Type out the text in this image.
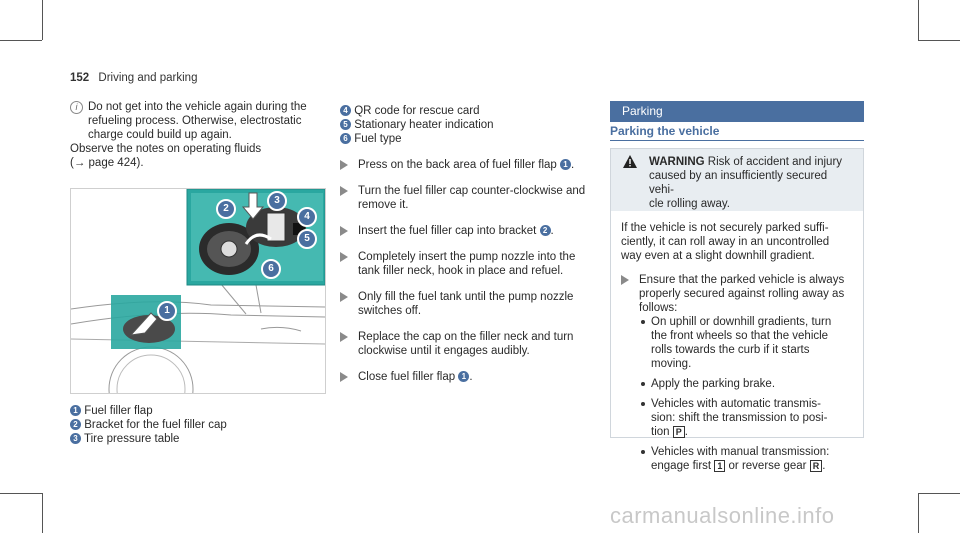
152 Driving and parking
i Do not get into the vehicle again during the
refueling process. Otherwise, electrostatic
charge could build up again.
Observe the notes on operating fluids
(→ page 424).
1
2
3
4
5
6
1 Fuel filler flap
2 Bracket for the fuel filler cap
3 Tire pressure table
4 QR code for rescue card
5 Stationary heater indication
6 Fuel type
Press on the back area of fuel filler flap 1 .
Turn the fuel filler cap counter-clockwise and
remove it.
Insert the fuel filler cap into bracket 2 .
Completely insert the pump nozzle into the
tank filler neck, hook in place and refuel.
Only fill the fuel tank until the pump nozzle
switches off.
Replace the cap on the filler neck and turn
clockwise until it engages audibly.
Close fuel filler flap 1 .
Parking
Parking the vehicle
WARNING Risk of accident and injury
caused by an insufficiently secured vehi-
cle rolling away.
If the vehicle is not securely parked suffi-
ciently, it can roll away in an uncontrolled
way even at a slight downhill gradient.
Ensure that the parked vehicle is always
properly secured against rolling away as
follows:
On uphill or downhill gradients, turn
the front wheels so that the vehicle
rolls towards the curb if it starts
moving.
Apply the parking brake.
Vehicles with automatic transmis-
sion: shift the transmission to posi-
tion P .
Vehicles with manual transmission:
engage first 1 or reverse gear R .
carmanualsonline.info
